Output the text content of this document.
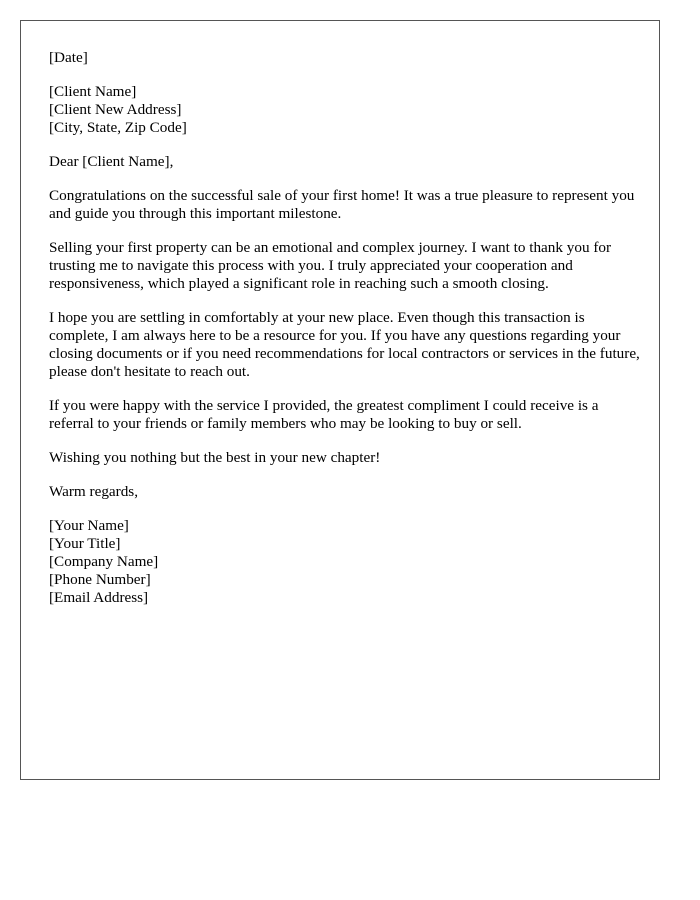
[Date]
[Client Name]
[Client New Address]
[City, State, Zip Code]
Dear [Client Name],

Congratulations on the successful sale of your first home! It was a true pleasure to represent you and guide you through this important milestone.

Selling your first property can be an emotional and complex journey. I want to thank you for trusting me to navigate this process with you. I truly appreciated your cooperation and responsiveness, which played a significant role in reaching such a smooth closing.

I hope you are settling in comfortably at your new place. Even though this transaction is complete, I am always here to be a resource for you. If you have any questions regarding your closing documents or if you need recommendations for local contractors or services in the future, please don't hesitate to reach out.

If you were happy with the service I provided, the greatest compliment I could receive is a referral to your friends or family members who may be looking to buy or sell.

Wishing you nothing but the best in your new chapter!

Warm regards,
[Your Name]
[Your Title]
[Company Name]
[Phone Number]
[Email Address]
